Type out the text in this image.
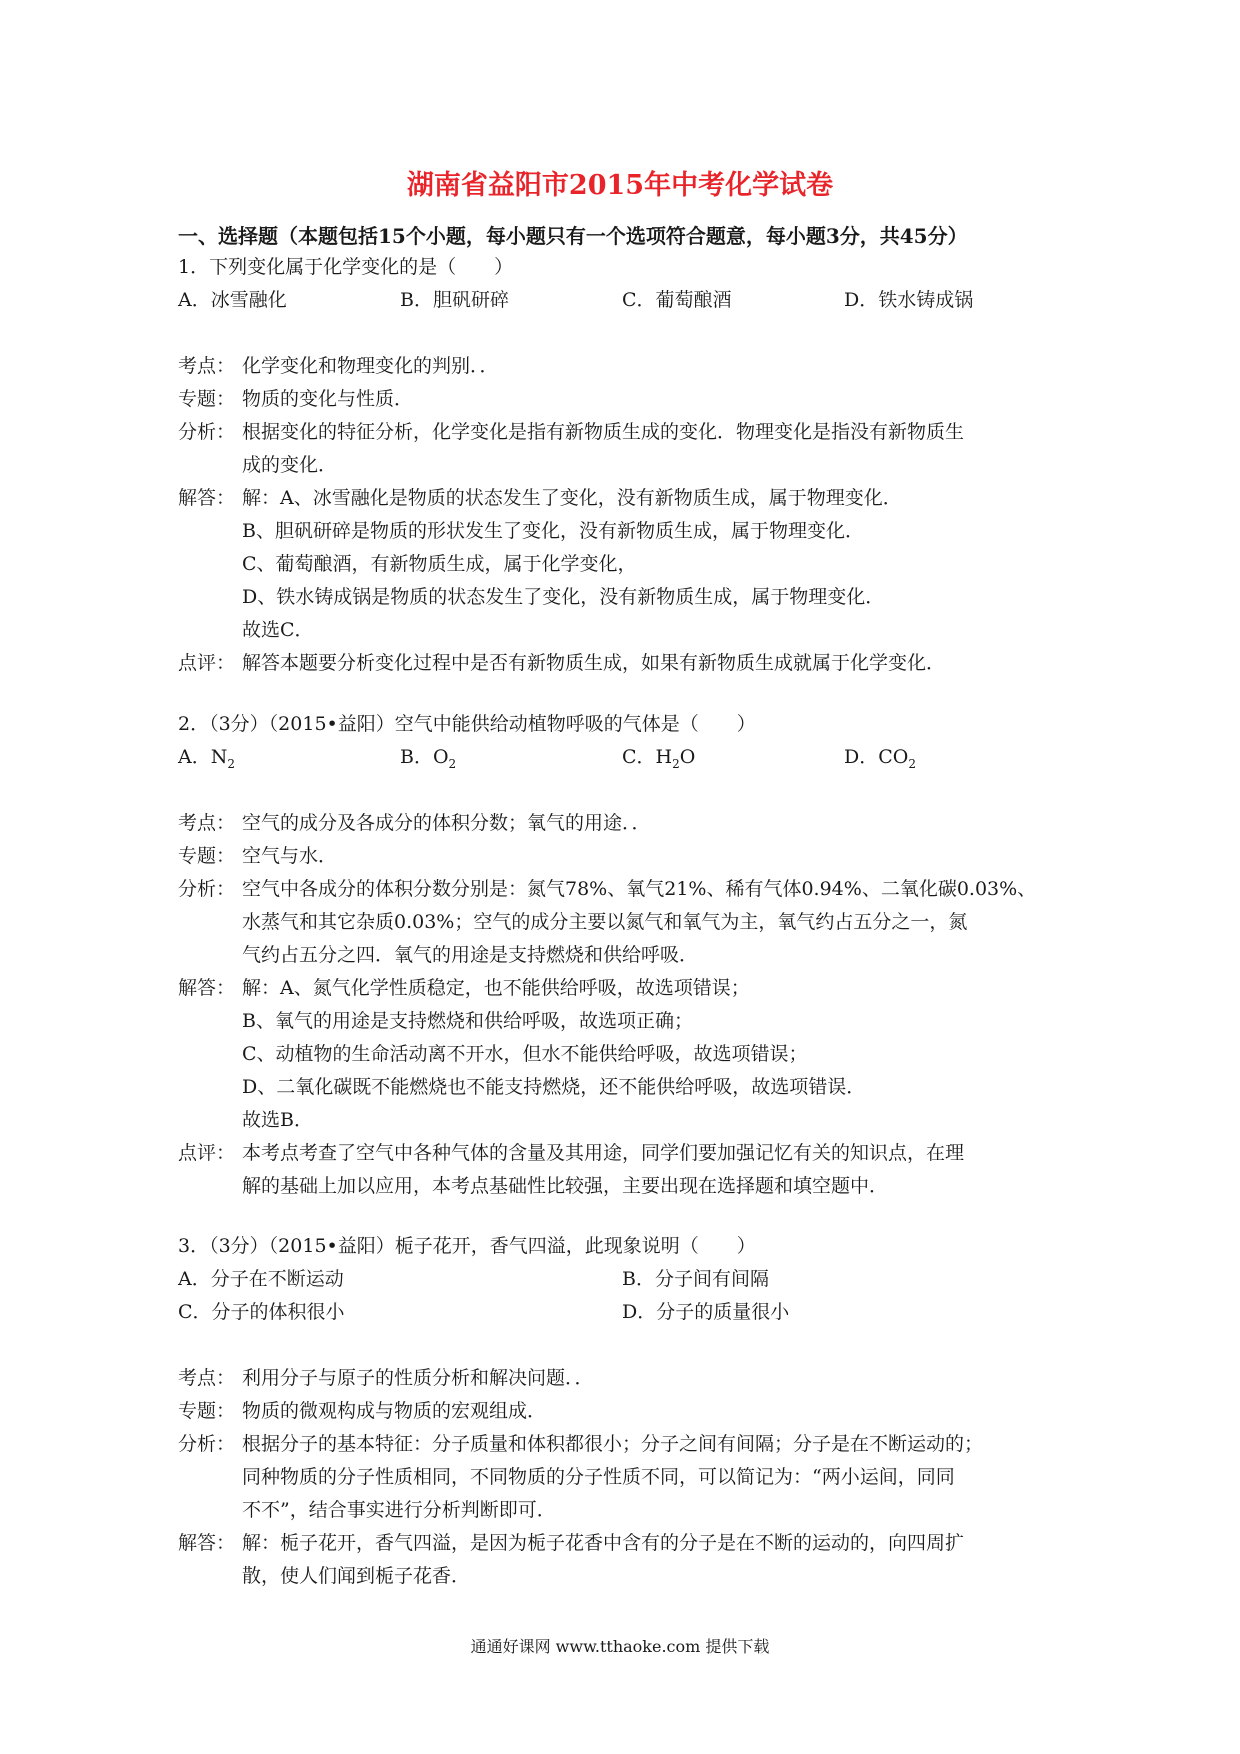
湖南省益阳市2015年中考化学试卷
一、选择题（本题包括15个小题，每小题只有一个选项符合题意，每小题3分，共45分）
1．下列变化属于化学变化的是（　　）
A．冰雪融化	B．胆矾研碎	C．葡萄酿酒	D．铁水铸成锅
考点： 化学变化和物理变化的判别．．
专题： 物质的变化与性质．
分析： 根据变化的特征分析，化学变化是指有新物质生成的变化．物理变化是指没有新物质生
成的变化．
解答： 解：A、冰雪融化是物质的状态发生了变化，没有新物质生成，属于物理变化．
B、胆矾研碎是物质的形状发生了变化，没有新物质生成，属于物理变化．
C、葡萄酿酒，有新物质生成，属于化学变化，
D、铁水铸成锅是物质的状态发生了变化，没有新物质生成，属于物理变化．
故选C．
点评： 解答本题要分析变化过程中是否有新物质生成，如果有新物质生成就属于化学变化．
2．（3分）（2015•益阳）空气中能供给动植物呼吸的气体是（　　）
A．$N_2$	B．$O_2$	C．$H_2O$	D．$CO_2$
考点： 空气的成分及各成分的体积分数；氧气的用途．．
专题： 空气与水．
分析： 空气中各成分的体积分数分别是：氮气78%、氧气21%、稀有气体0.94%、二氧化碳0.03%、
水蒸气和其它杂质0.03%；空气的成分主要以氮气和氧气为主，氧气约占五分之一，氮
气约占五分之四．氧气的用途是支持燃烧和供给呼吸．
解答： 解：A、氮气化学性质稳定，也不能供给呼吸，故选项错误；
B、氧气的用途是支持燃烧和供给呼吸，故选项正确；
C、动植物的生命活动离不开水，但水不能供给呼吸，故选项错误；
D、二氧化碳既不能燃烧也不能支持燃烧，还不能供给呼吸，故选项错误．
故选B．
点评： 本考点考查了空气中各种气体的含量及其用途，同学们要加强记忆有关的知识点，在理
解的基础上加以应用，本考点基础性比较强，主要出现在选择题和填空题中．
3．（3分）（2015•益阳）栀子花开，香气四溢，此现象说明（　　）
A．分子在不断运动	B．分子间有间隔
C．分子的体积很小	D．分子的质量很小
考点： 利用分子与原子的性质分析和解决问题．．
专题： 物质的微观构成与物质的宏观组成．
分析： 根据分子的基本特征：分子质量和体积都很小；分子之间有间隔；分子是在不断运动的；
同种物质的分子性质相同，不同物质的分子性质不同，可以简记为：“两小运间，同同
不不”，结合事实进行分析判断即可．
解答： 解：栀子花开，香气四溢，是因为栀子花香中含有的分子是在不断的运动的，向四周扩
散，使人们闻到栀子花香．
通通好课网 www.tthaoke.com 提供下载
